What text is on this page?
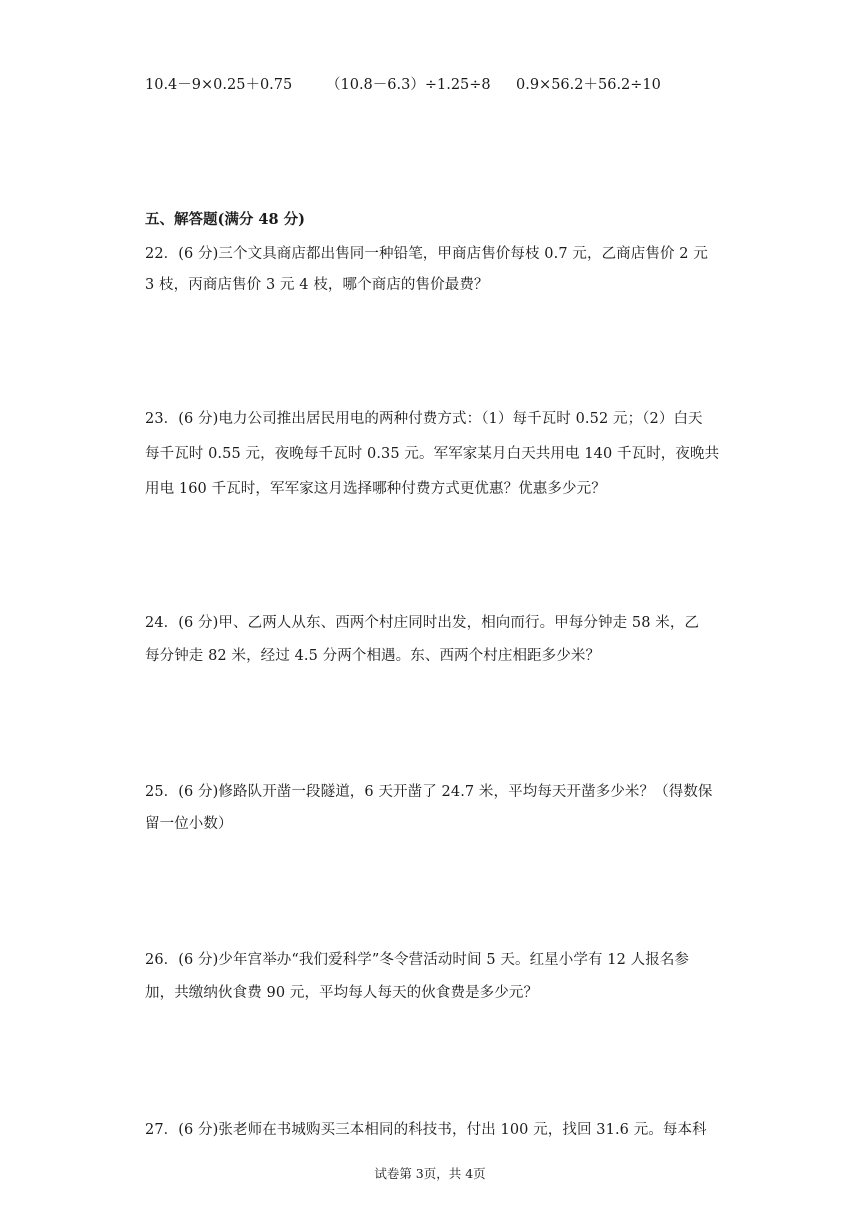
10.4－9×0.25＋0.75 （10.8－6.3）÷1.25÷8 0.9×56.2＋56.2÷10
五、解答题(满分 48 分)
22．(6 分)三个文具商店都出售同一种铅笔，甲商店售价每枝 0.7 元，乙商店售价 2 元
3 枝，丙商店售价 3 元 4 枝，哪个商店的售价最费？
23．(6 分)电力公司推出居民用电的两种付费方式：（1）每千瓦时 0.52 元；（2）白天
每千瓦时 0.55 元，夜晚每千瓦时 0.35 元。军军家某月白天共用电 140 千瓦时，夜晚共
用电 160 千瓦时，军军家这月选择哪种付费方式更优惠？优惠多少元？
24．(6 分)甲、乙两人从东、西两个村庄同时出发，相向而行。甲每分钟走 58 米，乙
每分钟走 82 米，经过 4.5 分两个相遇。东、西两个村庄相距多少米？
25．(6 分)修路队开凿一段隧道，6 天开凿了 24.7 米，平均每天开凿多少米？（得数保
留一位小数）
26．(6 分)少年宫举办“我们爱科学”冬令营活动时间 5 天。红星小学有 12 人报名参
加，共缴纳伙食费 90 元，平均每人每天的伙食费是多少元？
27．(6 分)张老师在书城购买三本相同的科技书，付出 100 元，找回 31.6 元。每本科
试卷第 3页，共 4页
